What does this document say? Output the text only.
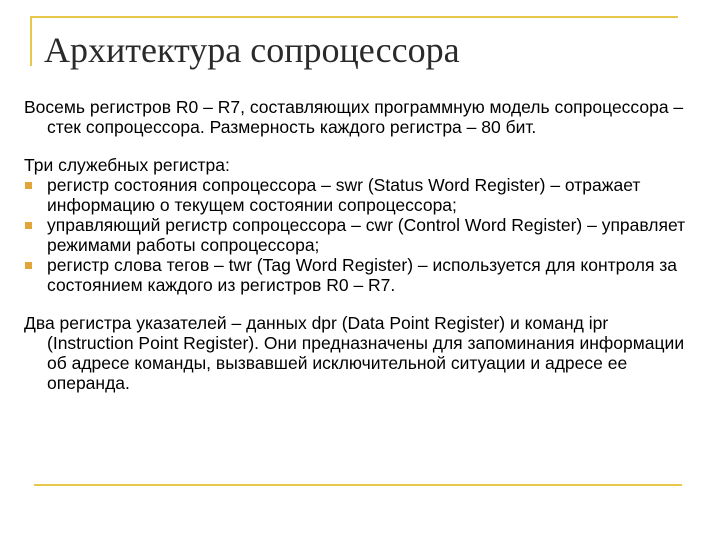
Архитектура сопроцессора
Восемь регистров R0 – R7, составляющих программную модель сопроцессора – стек сопроцессора. Размерность каждого регистра – 80 бит.
Три служебных регистра:
регистр состояния сопроцессора – swr (Status Word Register) – отражает информацию о текущем состоянии сопроцессора;
управляющий регистр сопроцессора – cwr (Control Word Register) – управляет режимами работы сопроцессора;
регистр слова тегов – twr (Tag Word Register) – используется для контроля за состоянием каждого из регистров R0 – R7.
Два регистра указателей – данных dpr (Data Point Register) и команд ipr (Instruction Point Register). Они предназначены для запоминания информации об адресе команды, вызвавшей исключительной ситуации и адресе ее операнда.
